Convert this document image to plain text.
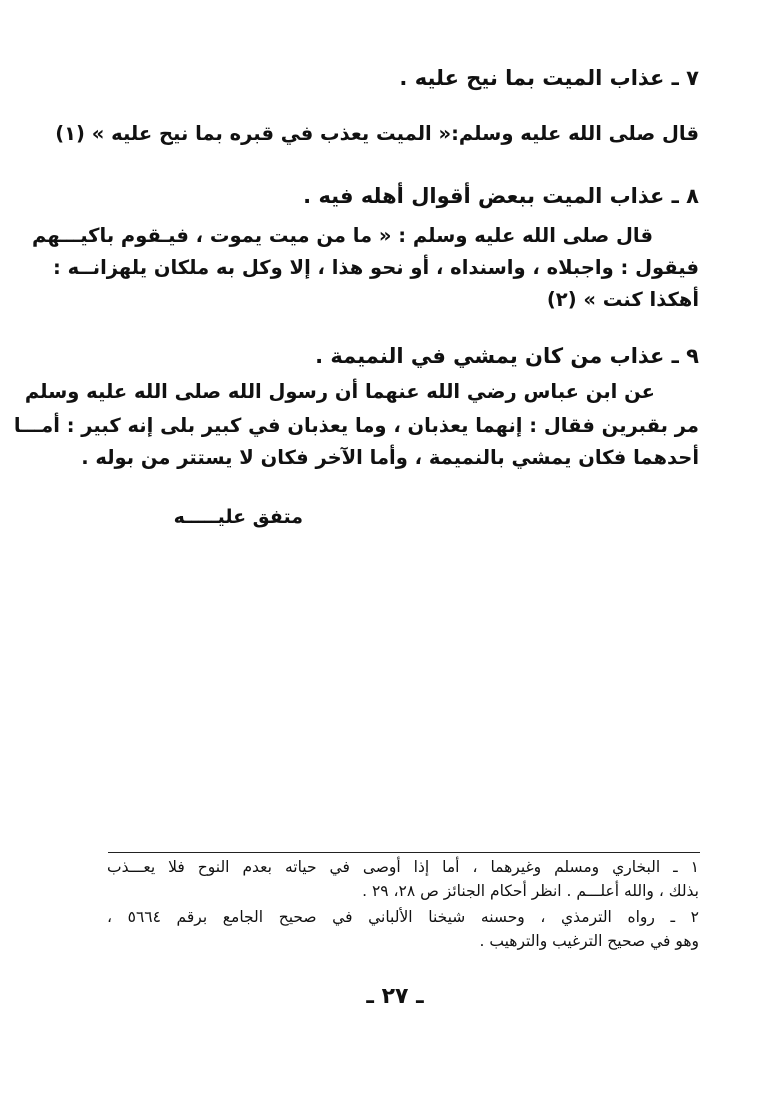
٧ ـ عذاب الميت بما نيح عليه .
قال صلى الله عليه وسلم:« الميت يعذب في قبره بما نيح عليه » (١)
٨ ـ عذاب الميت ببعض أقوال أهله فيه .
قال صلى الله عليه وسلم : « ما من ميت يموت ، فيـقوم باكيـــهم
فيقول : واجبلاه ، واسنداه ، أو نحو هذا ، إلا وكل به ملكان يلهزانــه :
أهكذا كنت » (٢)
٩ ـ عذاب من كان يمشي في النميمة .
عن ابن عباس رضي الله عنهما أن رسول الله صلى الله عليه وسلم
مر بقبرين فقال : إنهما يعذبان ، وما يعذبان في كبير بلى إنه كبير : أمـــا
أحدهما فكان يمشي بالنميمة ، وأما الآخر فكان لا يستتر من بوله .
متفق عليـــــه
١ ـ البخاري ومسلم وغيرهما ، أما إذا أوصى في حياته بعدم النوح فلا يعـــذب
بذلك ، والله أعلـــم . انظر أحكام الجنائز ص ٢٨، ٢٩ .
٢ ـ رواه الترمذي ، وحسنه شيخنا الألباني في صحيح الجامع برقم ٥٦٦٤ ،
وهو في صحيح الترغيب والترهيب .
ـ ٢٧ ـ
